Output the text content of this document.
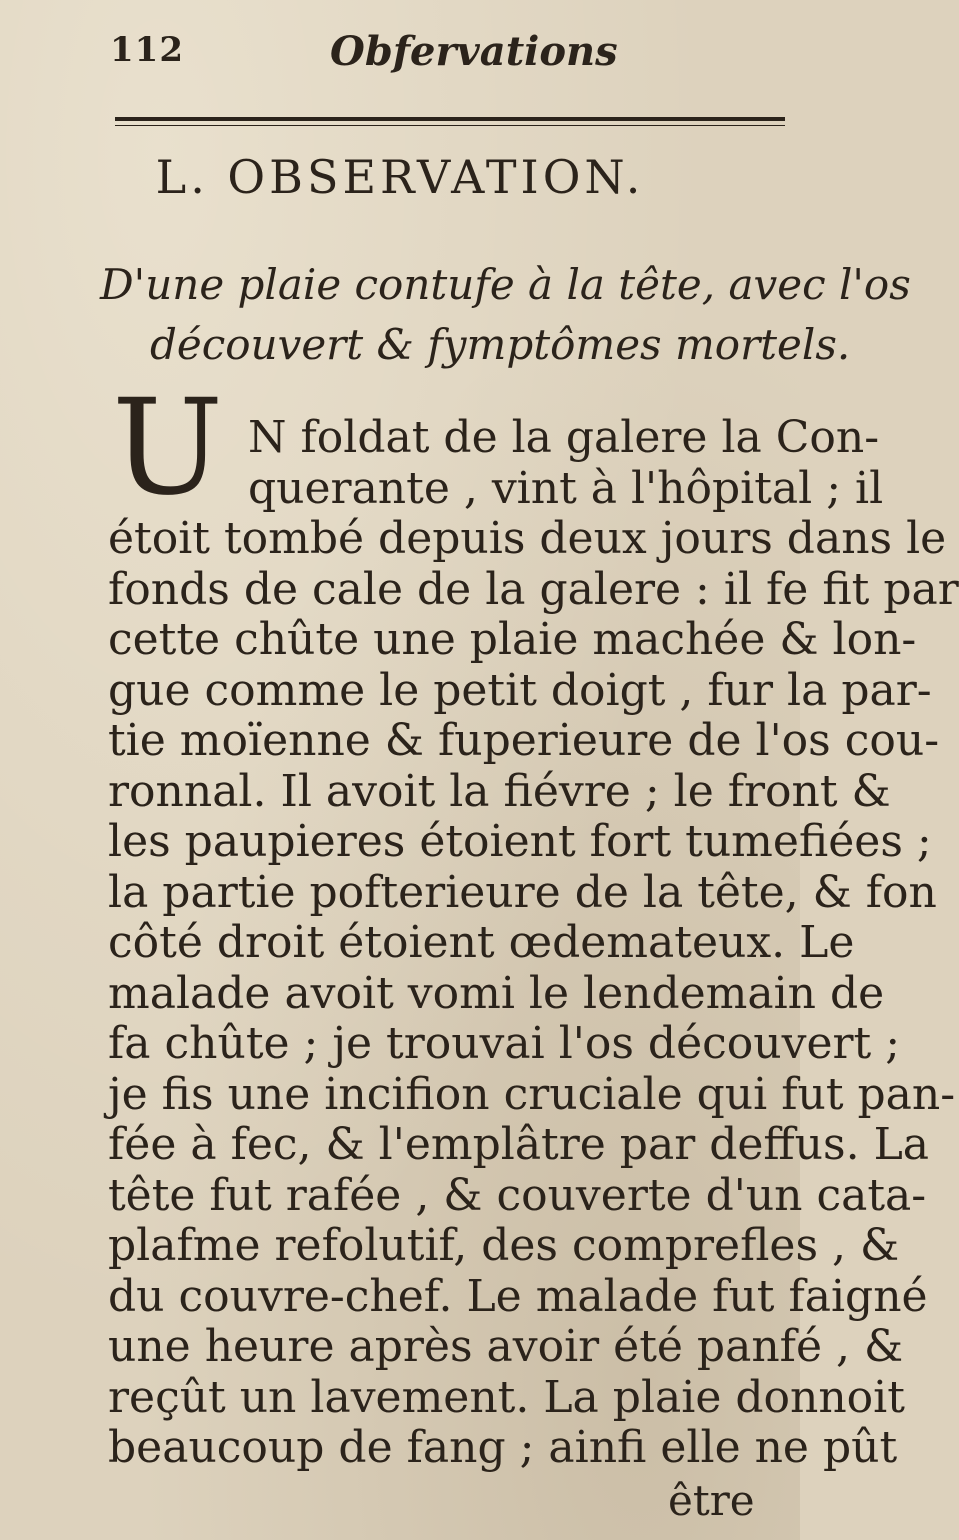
112	Obfervations
L. OBSERVATION.
D'une plaie contufe à la tête, avec l'os
découvert & fymptômes mortels.
U N foldat de la galere la Con-
querante , vint à l'hôpital ; il
étoit tombé depuis deux jours dans le
fonds de cale de la galere : il fe fit par
cette chûte une plaie machée & lon-
gue comme le petit doigt , fur la par-
tie moïenne & fuperieure de l'os cou-
ronnal. Il avoit la fiévre ; le front &
les paupieres étoient fort tumefiées ;
la partie pofterieure de la tête, & fon
côté droit étoient œdemateux. Le
malade avoit vomi le lendemain de
fa chûte ; je trouvai l'os découvert ;
je fis une incifion cruciale qui fut pan-
fée à fec, & l'emplâtre par deffus. La
tête fut rafée , & couverte d'un cata-
plafme refolutif, des comprefles , &
du couvre-chef. Le malade fut faigné
une heure après avoir été panfé , &
reçût un lavement. La plaie donnoit
être
beaucoup de fang ; ainfi elle ne pût
